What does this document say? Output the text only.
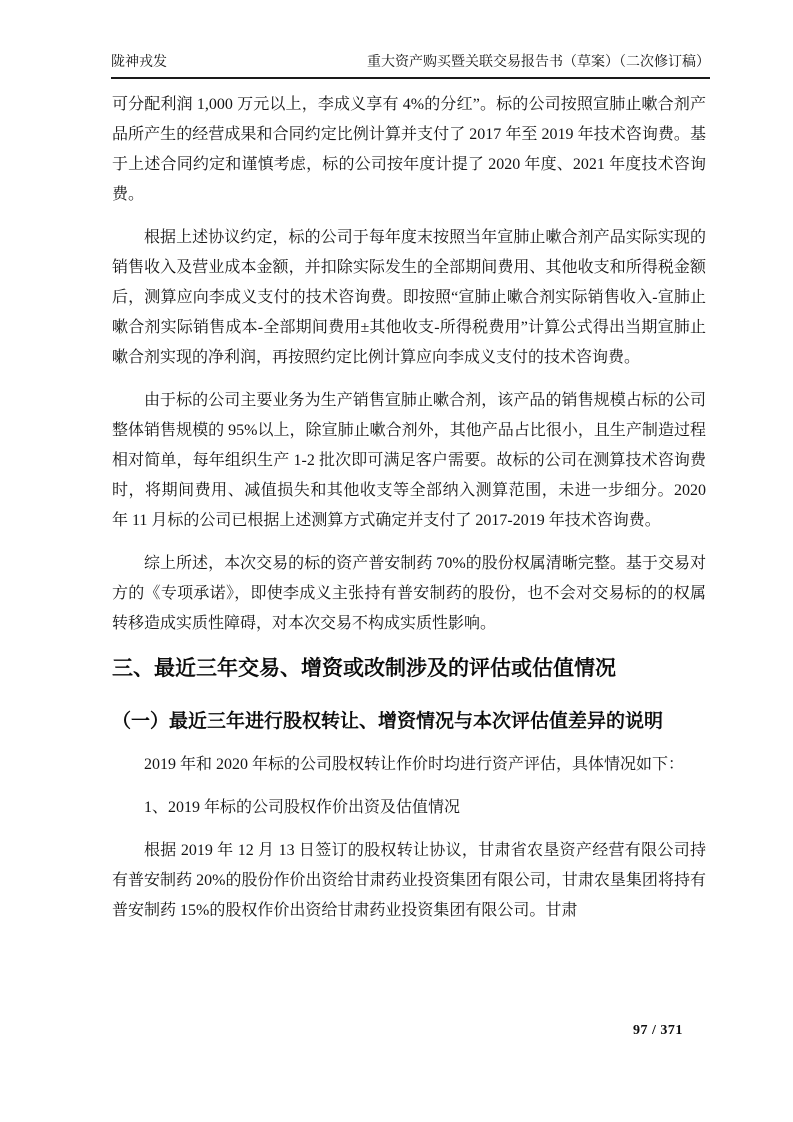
陇神戎发	重大资产购买暨关联交易报告书（草案）（二次修订稿）

可分配利润 1,000 万元以上，李成义享有 4%的分红”。标的公司按照宣肺止嗽合剂产品所产生的经营成果和合同约定比例计算并支付了 2017 年至 2019 年技术咨询费。基于上述合同约定和谨慎考虑，标的公司按年度计提了 2020 年度、2021 年度技术咨询费。

根据上述协议约定，标的公司于每年度末按照当年宣肺止嗽合剂产品实际实现的销售收入及营业成本金额，并扣除实际发生的全部期间费用、其他收支和所得税金额后，测算应向李成义支付的技术咨询费。即按照“宣肺止嗽合剂实际销售收入-宣肺止嗽合剂实际销售成本-全部期间费用±其他收支-所得税费用”计算公式得出当期宣肺止嗽合剂实现的净利润，再按照约定比例计算应向李成义支付的技术咨询费。

由于标的公司主要业务为生产销售宣肺止嗽合剂，该产品的销售规模占标的公司整体销售规模的 95%以上，除宣肺止嗽合剂外，其他产品占比很小，且生产制造过程相对简单，每年组织生产 1-2 批次即可满足客户需要。故标的公司在测算技术咨询费时，将期间费用、减值损失和其他收支等全部纳入测算范围，未进一步细分。2020 年 11 月标的公司已根据上述测算方式确定并支付了 2017-2019 年技术咨询费。

综上所述，本次交易的标的资产普安制药 70%的股份权属清晰完整。基于交易对方的《专项承诺》，即使李成义主张持有普安制药的股份，也不会对交易标的的权属转移造成实质性障碍，对本次交易不构成实质性影响。

三、最近三年交易、增资或改制涉及的评估或估值情况
（一）最近三年进行股权转让、增资情况与本次评估值差异的说明

2019 年和 2020 年标的公司股权转让作价时均进行资产评估，具体情况如下：

1、2019 年标的公司股权作价出资及估值情况

根据 2019 年 12 月 13 日签订的股权转让协议，甘肃省农垦资产经营有限公司持有普安制药 20%的股份作价出资给甘肃药业投资集团有限公司，甘肃农垦集团将持有普安制药 15%的股权作价出资给甘肃药业投资集团有限公司。甘肃

97 / 371
